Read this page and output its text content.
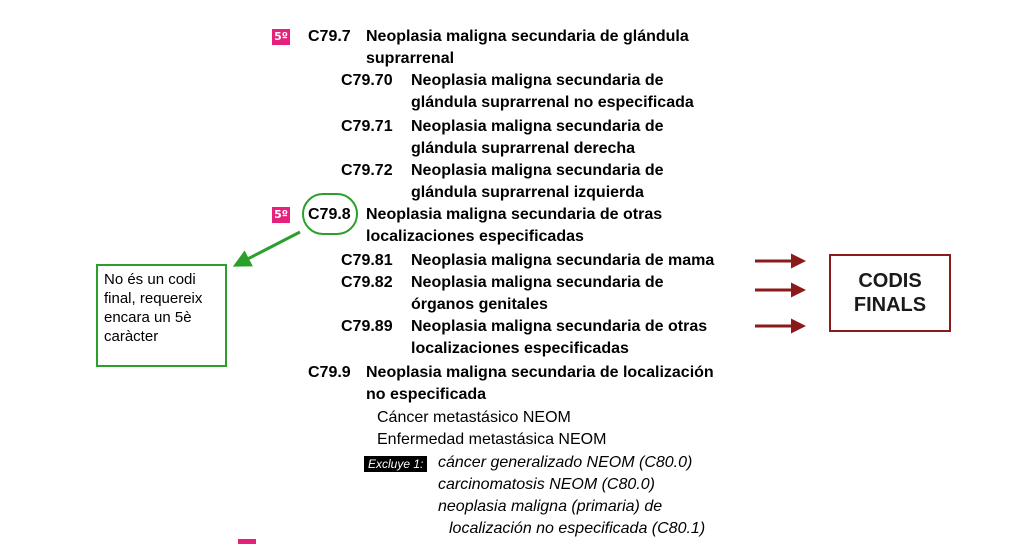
5º C79.7 Neoplasia maligna secundaria de glándula
suprarrenal
C79.70 Neoplasia maligna secundaria de
glándula suprarrenal no especificada
C79.71 Neoplasia maligna secundaria de
glándula suprarrenal derecha
C79.72 Neoplasia maligna secundaria de
glándula suprarrenal izquierda
5º C79.8 Neoplasia maligna secundaria de otras
localizaciones especificadas
C79.81 Neoplasia maligna secundaria de mama
C79.82 Neoplasia maligna secundaria de
órganos genitales
C79.89 Neoplasia maligna secundaria de otras
localizaciones especificadas
C79.9 Neoplasia maligna secundaria de localización
no especificada
Cáncer metastásico NEOM
Enfermedad metastásica NEOM
Excluye 1: cáncer generalizado NEOM (C80.0)
carcinomatosis NEOM (C80.0)
neoplasia maligna (primaria) de
localización no especificada (C80.1)
No és un codi final, requereix encara un 5è caràcter
CODIS
FINALS
